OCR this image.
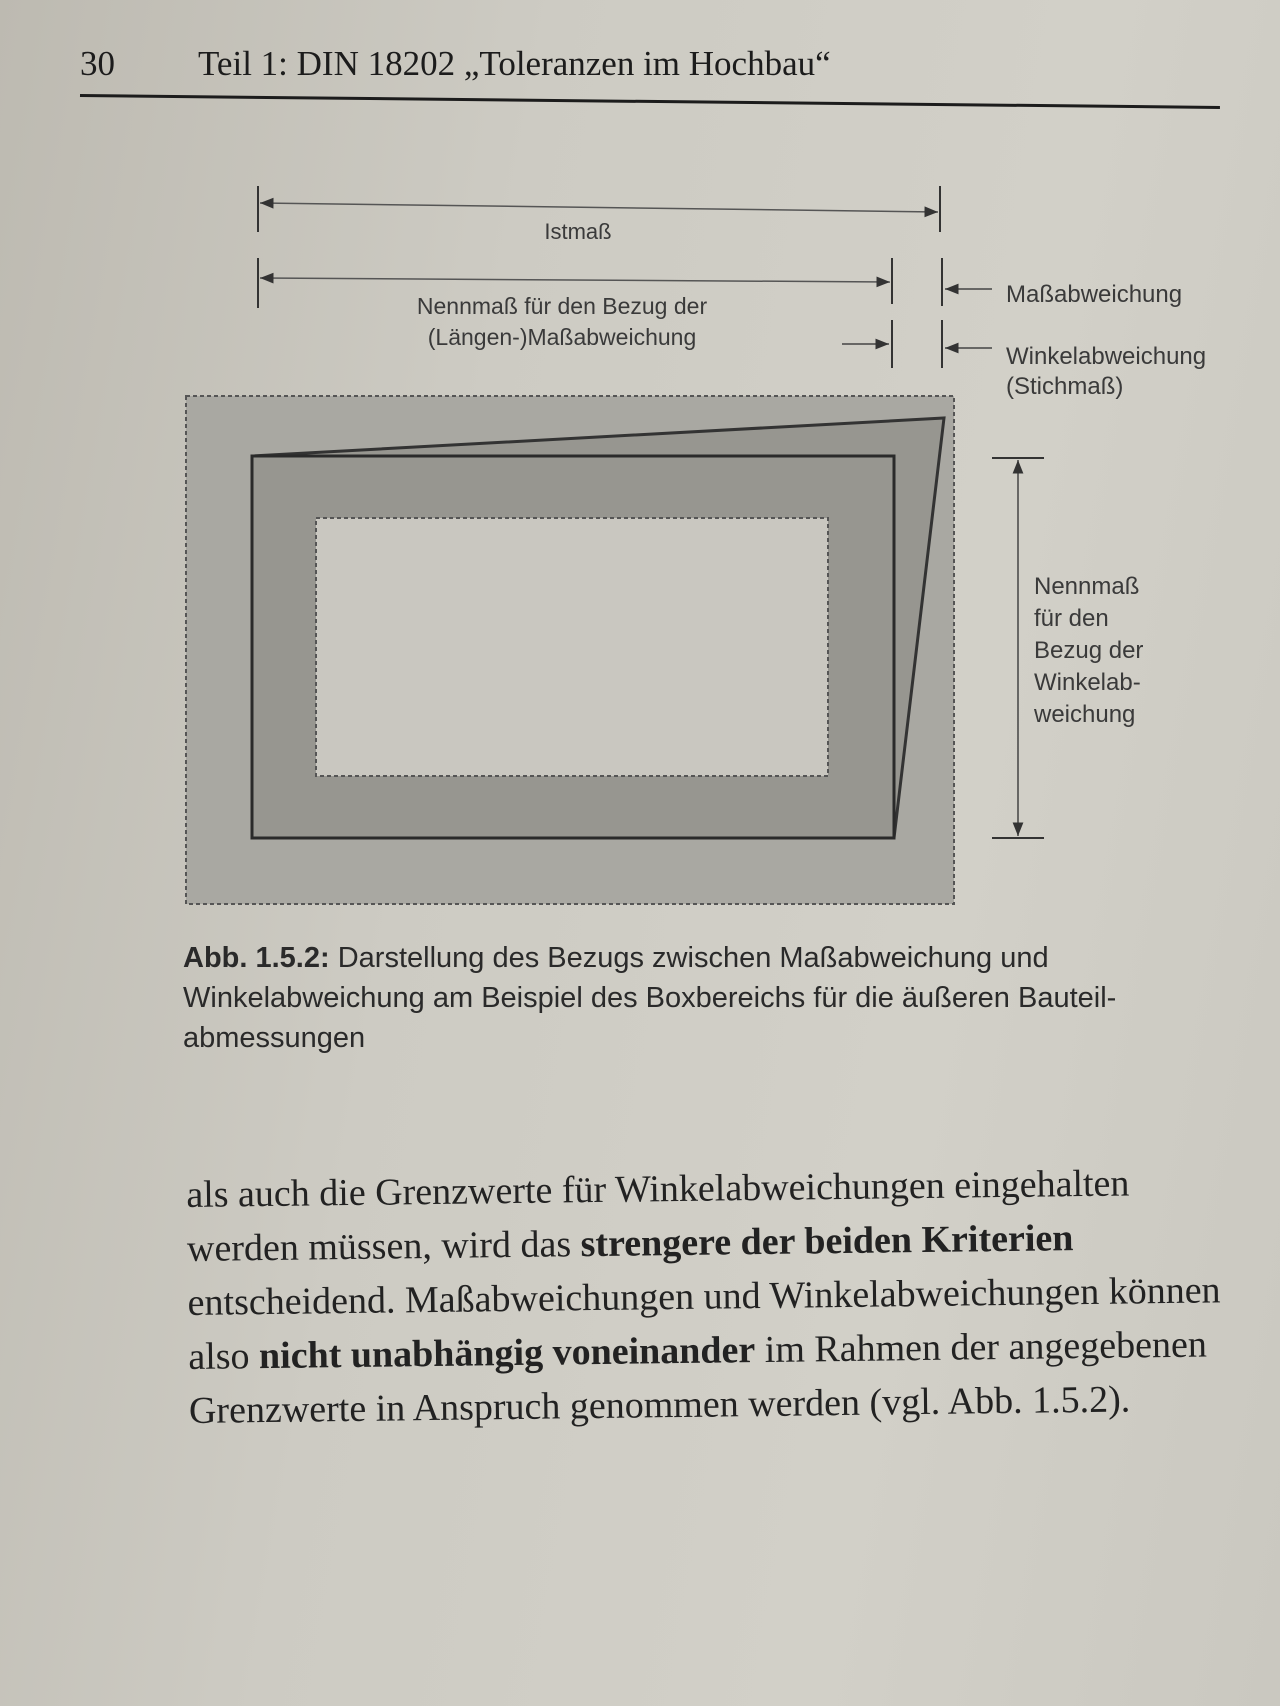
30 Teil 1: DIN 18202 „Toleranzen im Hochbau“
Istmaß
Nennmaß für den Bezug der
(Längen-)Maßabweichung
Maßabweichung
Winkelabweichung
(Stichmaß)
Nennmaß
für den
Bezug der
Winkelab-
weichung
Abb. 1.5.2: Darstellung des Bezugs zwischen Maßabweichung und Winkelabweichung am Beispiel des Boxbereichs für die äußeren Bauteil-abmessungen
als auch die Grenzwerte für Winkelabweichungen eingehalten werden müssen, wird das strengere der beiden Kriterien entscheidend. Maßabweichungen und Winkelabweichungen können also nicht unabhängig voneinander im Rahmen der angegebenen Grenzwerte in Anspruch genommen werden (vgl. Abb. 1.5.2).
